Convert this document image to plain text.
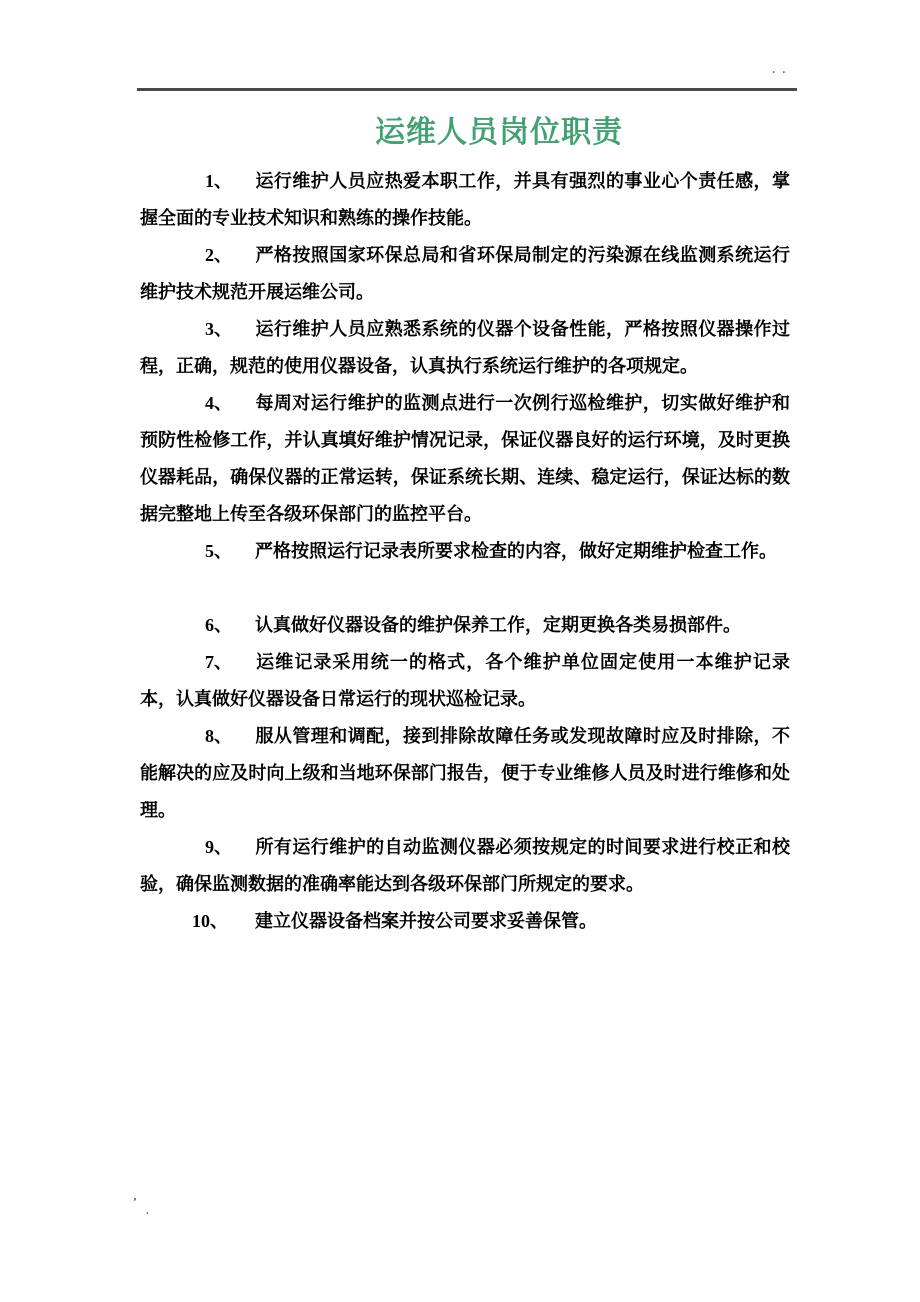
..
运维人员岗位职责

1、 运行维护人员应热爱本职工作，并具有强烈的事业心个责任感，掌握全面的专业技术知识和熟练的操作技能。

2、 严格按照国家环保总局和省环保局制定的污染源在线监测系统运行维护技术规范开展运维公司。

3、 运行维护人员应熟悉系统的仪器个设备性能，严格按照仪器操作过程，正确，规范的使用仪器设备，认真执行系统运行维护的各项规定。

4、 每周对运行维护的监测点进行一次例行巡检维护，切实做好维护和预防性检修工作，并认真填好维护情况记录，保证仪器良好的运行环境，及时更换仪器耗品，确保仪器的正常运转，保证系统长期、连续、稳定运行，保证达标的数据完整地上传至各级环保部门的监控平台。

5、 严格按照运行记录表所要求检查的内容，做好定期维护检查工作。

6、 认真做好仪器设备的维护保养工作，定期更换各类易损部件。

7、 运维记录采用统一的格式，各个维护单位固定使用一本维护记录本，认真做好仪器设备日常运行的现状巡检记录。

8、 服从管理和调配，接到排除故障任务或发现故障时应及时排除，不能解决的应及时向上级和当地环保部门报告，便于专业维修人员及时进行维修和处理。

9、 所有运行维护的自动监测仪器必须按规定的时间要求进行校正和校验，确保监测数据的准确率能达到各级环保部门所规定的要求。

10、 建立仪器设备档案并按公司要求妥善保管。

’
.
